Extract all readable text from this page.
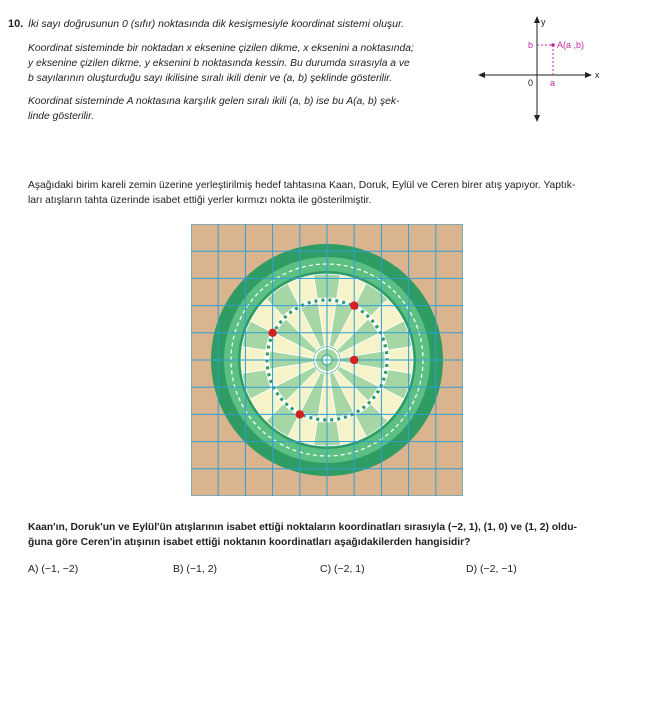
10. İki sayı doğrusunun 0 (sıfır) noktasında dik kesişmesiyle koordinat sistemi oluşur.
Koordinat sisteminde bir noktadan x eksenine çizilen dikme, x eksenini a noktasında;
y eksenine çizilen dikme, y eksenini b noktasında kessin. Bu durumda sırasıyla a ve
b sayılarının oluşturduğu sayı ikilisine sıralı ikili denir ve (a, b) şeklinde gösterilir.
Koordinat sisteminde A noktasına karşılık gelen sıralı ikili (a, b) ise bu A(a, b) şek-
linde gösterilir.
y
x
0 a
b	A(a ,b)
Aşağıdaki birim kareli zemin üzerine yerleştirilmiş hedef tahtasına Kaan, Doruk, Eylül ve Ceren birer atış yapıyor. Yaptık-
ları atışların tahta üzerinde isabet ettiği yerler kırmızı nokta ile gösterilmiştir.
Kaan'ın, Doruk'un ve Eylül'ün atışlarının isabet ettiği noktaların koordinatları sırasıyla (−2, 1), (1, 0) ve (1, 2) oldu-
ğuna göre Ceren'in atışının isabet ettiği noktanın koordinatları aşağıdakilerden hangisidir?
A) (−1, −2)	B) (−1, 2)	C) (−2, 1)	D) (−2, −1)
